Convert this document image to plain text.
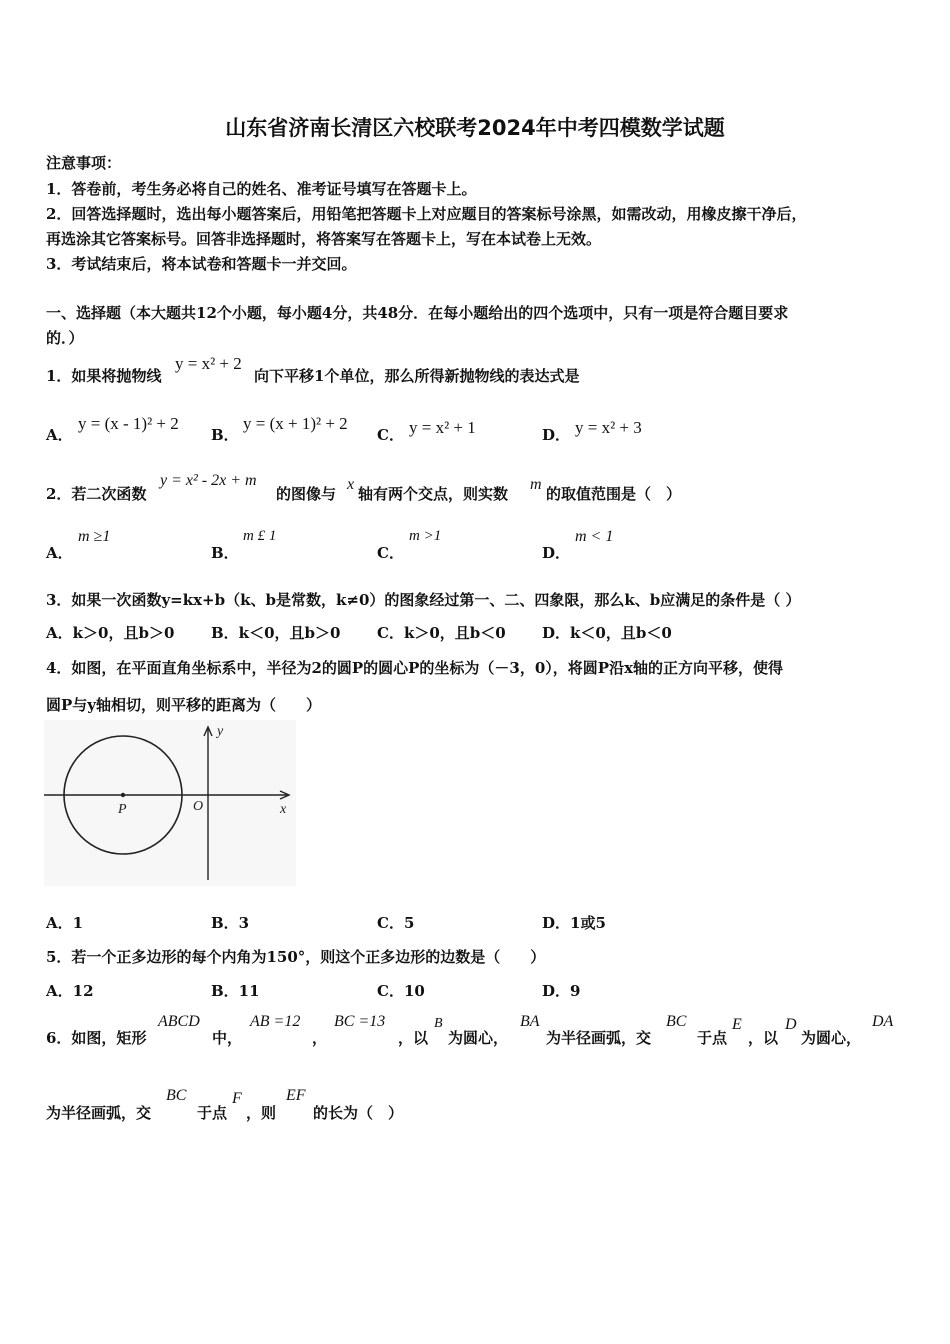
山东省济南长清区六校联考2024年中考四模数学试题
注意事项：
1．答卷前，考生务必将自己的姓名、准考证号填写在答题卡上。
2．回答选择题时，选出每小题答案后，用铅笔把答题卡上对应题目的答案标号涂黑，如需改动，用橡皮擦干净后，
再选涂其它答案标号。回答非选择题时，将答案写在答题卡上，写在本试卷上无效。
3．考试结束后，将本试卷和答题卡一并交回。
一、选择题（本大题共12个小题，每小题4分，共48分．在每小题给出的四个选项中，只有一项是符合题目要求
的．）
1．如果将抛物线
y = x² + 2
向下平移1个单位，那么所得新抛物线的表达式是
A．
y = (x - 1)² + 2
B．
y = (x + 1)² + 2
C． y = x² + 1	D． y = x² + 3
2．若二次函数
y = x² - 2x + m
的图像与
x
轴有两个交点，则实数
m
的取值范围是（　）
A．
m ≥1
B．
m £ 1
C．
m >1
D．
m < 1
3．如果一次函数y=kx+b（k、b是常数，k≠0）的图象经过第一、二、四象限，那么k、b应满足的条件是（ ）
A．k＞0，且b＞0 B．k＜0，且b＞0 C．k＞0，且b＜0 D．k＜0，且b＜0
4．如图，在平面直角坐标系中，半径为2的圆P的圆心P的坐标为（－3，0），将圆P沿x轴的正方向平移，使得
圆P与y轴相切，则平移的距离为（　　）
P	O	x
y
A．1	B．3	C．5	D．1或5
5．若一个正多边形的每个内角为150°，则这个正多边形的边数是（　　）
A．12	B．11	C．10	D．9
6．如图，矩形
ABCD
中，
AB =12
，
BC =13
，以
B
为圆心，
BA
为半径画弧，交
BC
于点
E
，以
D
为圆心，
DA
为半径画弧，交
BC
于点
F
，则
EF
的长为（　）
